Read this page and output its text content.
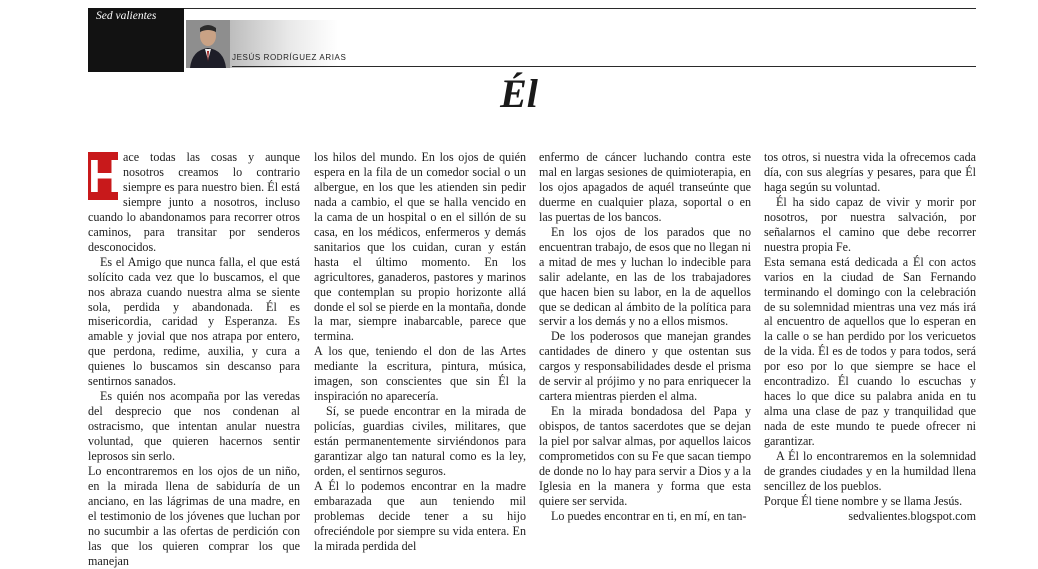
Sed valientes
JESÚS RODRÍGUEZ ARIAS
Él
H ace todas las cosas y aunque nosotros creamos lo contrario siempre es para nuestro bien. Él está siempre junto a nosotros, incluso cuando lo abandonamos para recorrer otros caminos, para transitar por senderos desconocidos.

Es el Amigo que nunca falla, el que está solícito cada vez que lo buscamos, el que nos abraza cuando nuestra alma se siente sola, perdida y abandonada. Él es misericordia, caridad y Esperanza. Es amable y jovial que nos atrapa por entero, que perdona, redime, auxilia, y cura a quienes lo buscamos sin descanso para sentirnos sanados.

Es quién nos acompaña por las veredas del desprecio que nos condenan al ostracismo, que intentan anular nuestra voluntad, que quieren hacernos sentir leprosos sin serlo.

Lo encontraremos en los ojos de un niño, en la mirada llena de sabiduría de un anciano, en las lágrimas de una madre, en el testimonio de los jóvenes que luchan por no sucumbir a las ofertas de perdición con las que los quieren comprar los que manejan

los hilos del mundo. En los ojos de quién espera en la fila de un comedor social o un albergue, en los que les atienden sin pedir nada a cambio, el que se halla vencido en la cama de un hospital o en el sillón de su casa, en los médicos, enfermeros y demás sanitarios que los cuidan, curan y están hasta el último momento. En los agricultores, ganaderos, pastores y marinos que contemplan su propio horizonte allá donde el sol se pierde en la montaña, donde la mar, siempre inabarcable, parece que termina.

A los que, teniendo el don de las Artes mediante la escritura, pintura, música, imagen, son conscientes que sin Él la inspiración no aparecería.

Sí, se puede encontrar en la mirada de policías, guardias civiles, militares, que están permanentemente sirviéndonos para garantizar algo tan natural como es la ley, orden, el sentirnos seguros.

A Él lo podemos encontrar en la madre embarazada que aun teniendo mil problemas decide tener a su hijo ofreciéndole por siempre su vida entera. En la mirada perdida del

enfermo de cáncer luchando contra este mal en largas sesiones de quimioterapia, en los ojos apagados de aquél transeúnte que duerme en cualquier plaza, soportal o en las puertas de los bancos.

En los ojos de los parados que no encuentran trabajo, de esos que no llegan ni a mitad de mes y luchan lo indecible para salir adelante, en las de los trabajadores que hacen bien su labor, en la de aquellos que se dedican al ámbito de la política para servir a los demás y no a ellos mismos.

De los poderosos que manejan grandes cantidades de dinero y que ostentan sus cargos y responsabilidades desde el prisma de servir al prójimo y no para enriquecer la cartera mientras pierden el alma.

En la mirada bondadosa del Papa y obispos, de tantos sacerdotes que se dejan la piel por salvar almas, por aquellos laicos comprometidos con su Fe que sacan tiempo de donde no lo hay para servir a Dios y a la Iglesia en la manera y forma que esta quiere ser servida.

Lo puedes encontrar en ti, en mí, en tan-

tos otros, si nuestra vida la ofrecemos cada día, con sus alegrías y pesares, para que Él haga según su voluntad.

Él ha sido capaz de vivir y morir por nosotros, por nuestra salvación, por señalarnos el camino que debe recorrer nuestra propia Fe.

Esta semana está dedicada a Él con actos varios en la ciudad de San Fernando terminando el domingo con la celebración de su solemnidad mientras una vez más irá al encuentro de aquellos que lo esperan en la calle o se han perdido por los vericuetos de la vida. Él es de todos y para todos, será por eso por lo que siempre se hace el encontradizo. Él cuando lo escuchas y haces lo que dice su palabra anida en tu alma una clase de paz y tranquilidad que nada de este mundo te puede ofrecer ni garantizar.

A Él lo encontraremos en la solemnidad de grandes ciudades y en la humildad llena sencillez de los pueblos.

Porque Él tiene nombre y se llama Jesús.

sedvalientes.blogspot.com
